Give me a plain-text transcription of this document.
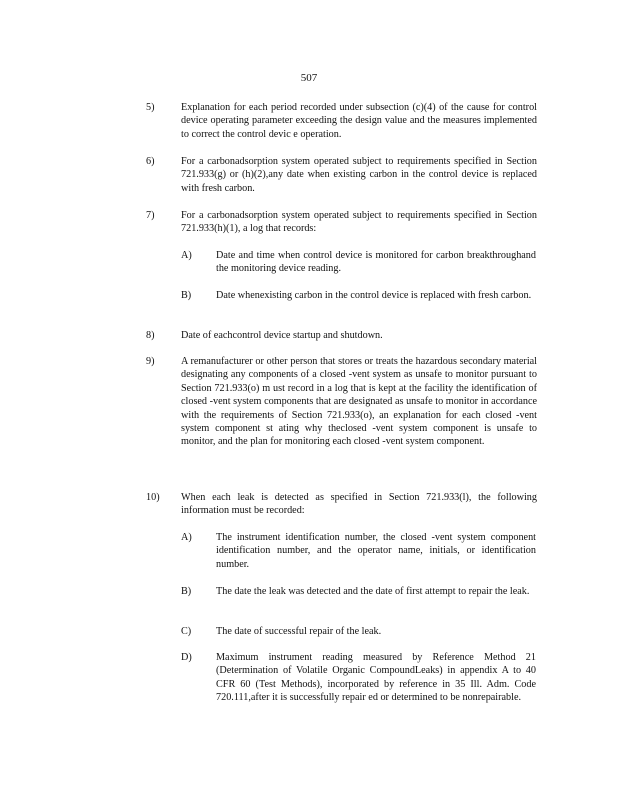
507
5)	Explanation for each period recorded under subsection (c)(4) of the cause for control device operating parameter exceeding the design value and the measures implemented to correct the control devic e operation.
6)	For a carbonadsorption system operated subject to requirements specified in Section 721.933(g) or (h)(2),any date when existing carbon in the control device is replaced with fresh carbon.
7)	For a carbonadsorption system operated subject to requirements specified in Section 721.933(h)(1), a log that records:
A) Date and time when control device is monitored for carbon breakthroughand the monitoring device reading.
B) Date whenexisting carbon in the control device is replaced with fresh carbon.
8)	Date of eachcontrol device startup and shutdown.
9)	A remanufacturer or other person that stores or treats the hazardous secondary material designating any components of a closed -vent system as unsafe to monitor pursuant to Section 721.933(o) m ust record in a log that is kept at the facility the identification of closed -vent system components that are designated as unsafe to monitor in accordance with the requirements of Section 721.933(o), an explanation for each closed -vent system component st ating why theclosed -vent system component is unsafe to monitor, and the plan for monitoring each closed -vent system component.
10) When each leak is detected as specified in Section 721.933(l), the following information must be recorded:
A) The instrument identification number, the closed -vent system component identification number, and the operator name, initials, or identification number.
B) The date the leak was detected and the date of first attempt to repair the leak.
C) The date of successful repair of the leak.
D) Maximum instrument reading measured by Reference Method 21 (Determination of Volatile Organic CompoundLeaks) in appendix A to 40 CFR 60 (Test Methods), incorporated by reference in 35 Ill. Adm. Code 720.111,after it is successfully repair ed or determined to be nonrepairable.
